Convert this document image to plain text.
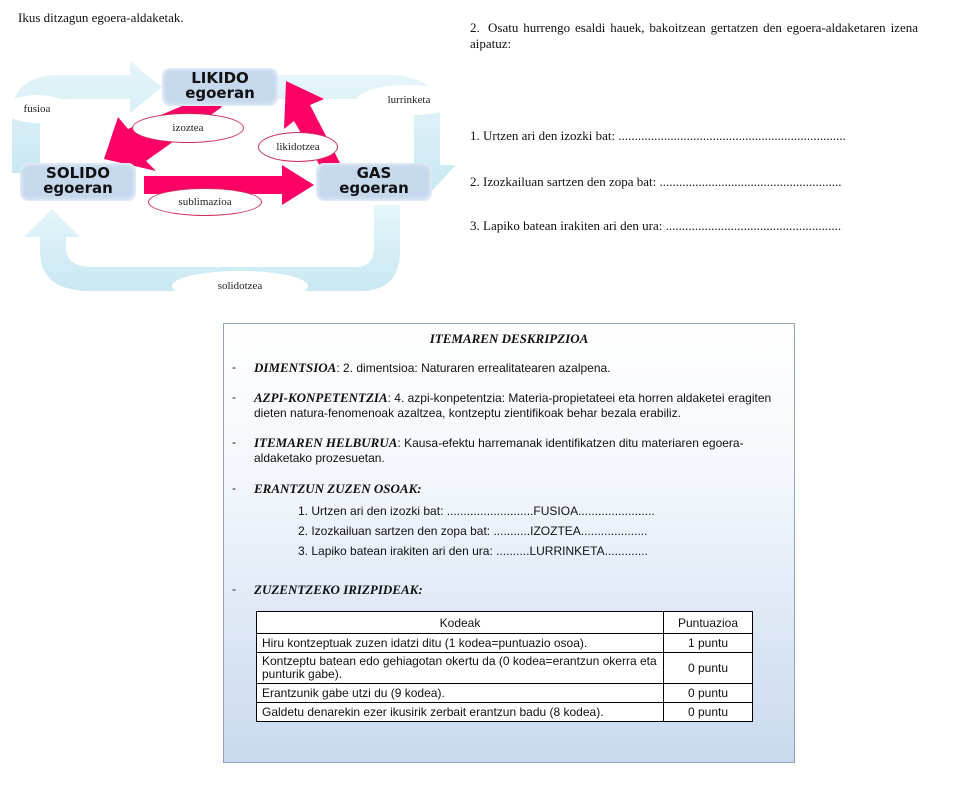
Ikus ditzagun egoera-aldaketak.
LIKIDO
egoeran
SOLIDO
egoeran
GAS
egoeran
fusioa
izoztea
lurrinketa
likidotzea
sublimazioa
solidotzea
2. Osatu hurrengo esaldi hauek, bakoitzean gertatzen den egoera-aldaketaren izena aipatuz:
1. Urtzen ari den izozki bat: ......................................................................
2. Izozkailuan sartzen den zopa bat: ........................................................
3. Lapiko batean irakiten ari den ura: ......................................................
ITEMAREN DESKRIPZIOA
- DIMENTSIOA: 2. dimentsioa: Naturaren errealitatearen azalpena.
- AZPI-KONPETENTZIA: 4. azpi-konpetentzia: Materia-propietateei eta horren aldaketei eragiten dieten natura-fenomenoak azaltzea, kontzeptu zientifikoak behar bezala erabiliz.
- ITEMAREN HELBURUA: Kausa-efektu harremanak identifikatzen ditu materiaren egoera-aldaketako prozesuetan.
- ERANTZUN ZUZEN OSOAK:
1. Urtzen ari den izozki bat: ..........................FUSIOA.......................
2. Izozkailuan sartzen den zopa bat: ...........IZOZTEA....................
3. Lapiko batean irakiten ari den ura: ..........LURRINKETA.............
- ZUZENTZEKO IRIZPIDEAK:
Kodeak	Puntuazioa
Hiru kontzeptuak zuzen idatzi ditu (1 kodea=puntuazio osoa).	1 puntu
Kontzeptu batean edo gehiagotan okertu da (0 kodea=erantzun okerra eta punturik gabe).	0 puntu
Erantzunik gabe utzi du (9 kodea).	0 puntu
Galdetu denarekin ezer ikusirik zerbait erantzun badu (8 kodea).	0 puntu
